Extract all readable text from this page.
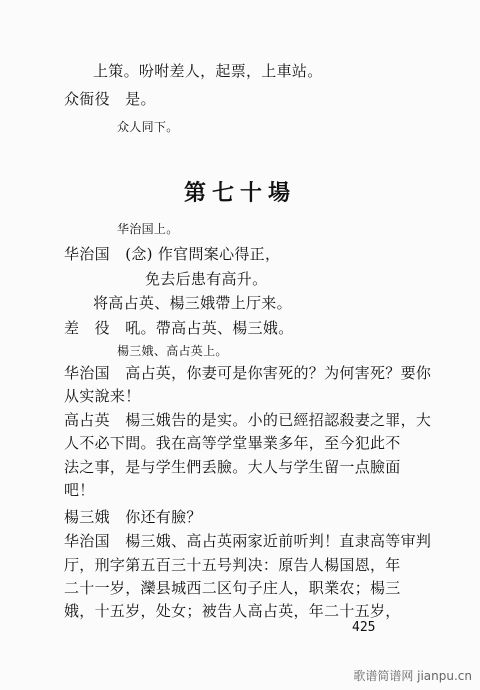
上策。吩咐差人，起票，上車站。
众衙役　是。
众人同下。
第七十場
华治国上。
华治国　(念) 作官問案心得正，
免去后患有高升。
将高占英、楊三娥帶上厅来。
差　役　吼。帶高占英、楊三娥。
楊三娥、高占英上。
华治国　高占英，你妻可是你害死的？为何害死？要你
从实說来！
高占英　楊三娥告的是实。小的已經招認殺妻之罪，大
人不必下問。我在高等学堂畢業多年，至今犯此不
法之事，是与学生們丢臉。大人与学生留一点臉面
吧！
楊三娥　你还有臉？
华治国　楊三娥、高占英兩家近前听判！直隶高等审判
厅，刑字第五百三十五号判决：原告人楊国恩，年
二十一岁，灤县城西二区句子庄人，职業农；楊三
娥，十五岁，处女；被告人高占英，年二十五岁，
425
歌谱简谱网 jianpu.cn
